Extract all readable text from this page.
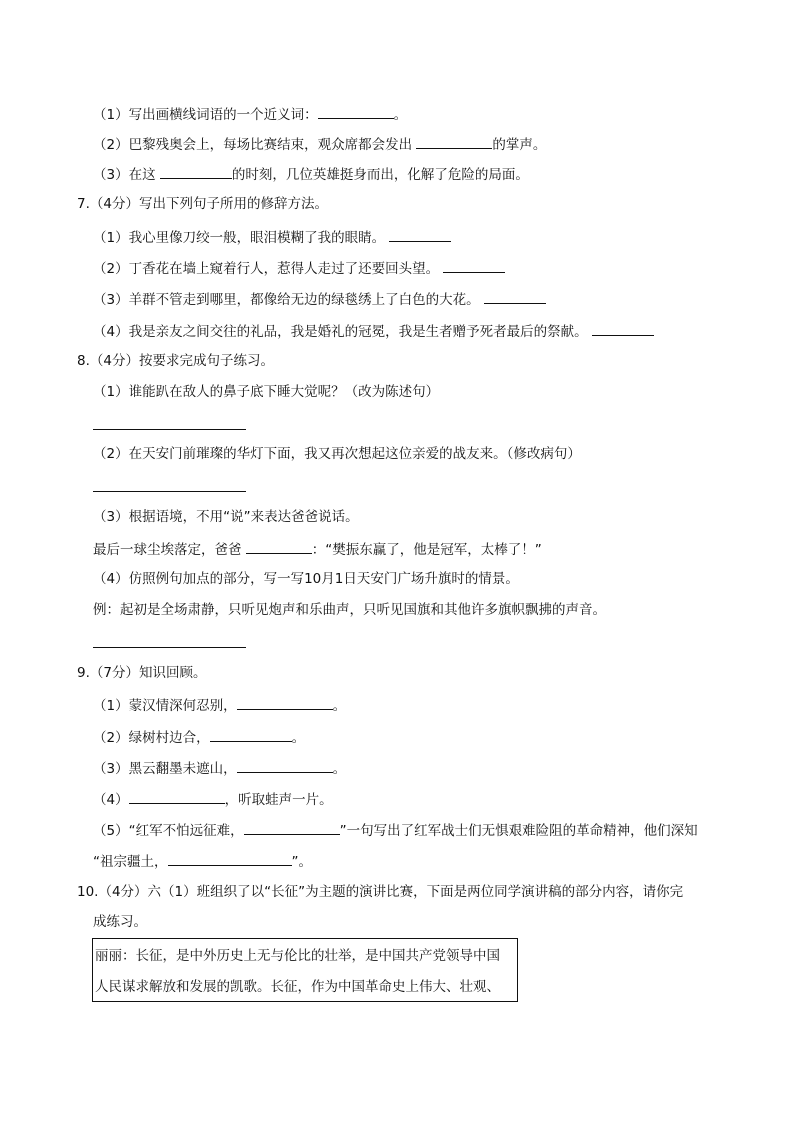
（1）写出画横线词语的一个近义词：	。
（2）巴黎残奥会上，每场比赛结束，观众席都会发出	的掌声。
（3）在这	的时刻，几位英雄挺身而出，化解了危险的局面。
7.（4分）写出下列句子所用的修辞方法。
（1）我心里像刀绞一般，眼泪模糊了我的眼睛。
（2）丁香花在墙上窥着行人，惹得人走过了还要回头望。
（3）羊群不管走到哪里，都像给无边的绿毯绣上了白色的大花。
（4）我是亲友之间交往的礼品，我是婚礼的冠冕，我是生者赠予死者最后的祭献。
8.（4分）按要求完成句子练习。
（1）谁能趴在敌人的鼻子底下睡大觉呢？（改为陈述句）
（2）在天安门前璀璨的华灯下面，我又再次想起这位亲爱的战友来。（修改病句）
（3）根据语境，不用“说”来表达爸爸说话。
最后一球尘埃落定，爸爸	：“樊振东赢了，他是冠军，太棒了！”
（4）仿照例句加点的部分，写一写10月1日天安门广场升旗时的情景。
例：起初是全场肃静，只听见炮声和乐曲声，只听见国旗和其他许多旗帜飘拂的声音。
9.（7分）知识回顾。
（1）蒙汉情深何忍别，	。
（2）绿树村边合，	。
（3）黑云翻墨未遮山，	。
（4）	，听取蛙声一片。
（5）“红军不怕远征难，	”一句写出了红军战士们无惧艰难险阻的革命精神，他们深知
“祖宗疆土，	”。
10.（4分）六（1）班组织了以“长征”为主题的演讲比赛，下面是两位同学演讲稿的部分内容，请你完
成练习。
丽丽：长征，是中外历史上无与伦比的壮举，是中国共产党领导中国
人民谋求解放和发展的凯歌。长征，作为中国革命史上伟大、壮观、
